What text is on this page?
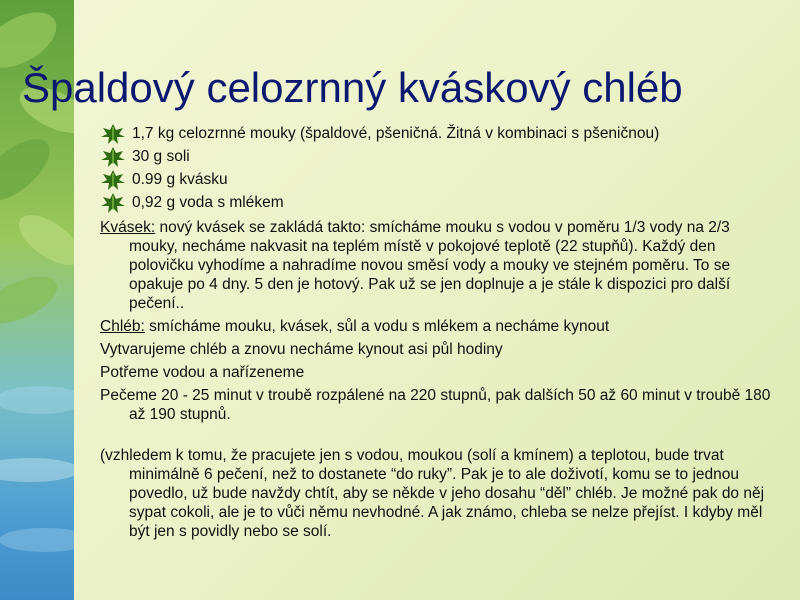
Špaldový celozrnný kváskový chléb
1,7 kg celozrnné mouky (špaldové, pšeničná. Žitná v kombinaci s pšeničnou)
30 g soli
0.99 g kvásku
0,92 g voda s mlékem
Kvásek: nový kvásek se zakládá takto: smícháme mouku s vodou v poměru 1/3 vody na 2/3 mouky, necháme nakvasit na teplém místě v pokojové teplotě (22 stupňů). Každý den polovičku vyhodíme a nahradíme novou směsí vody a mouky ve stejném poměru. To se opakuje po 4 dny. 5 den je hotový. Pak už se jen doplnuje a je stále k dispozici pro další pečení..
Chléb: smícháme mouku, kvásek, sůl a vodu s mlékem a necháme kynout
Vytvarujeme chléb a znovu necháme kynout asi půl hodiny
Potřeme vodou a nařízeneme
Pečeme 20 - 25 minut v troubě rozpálené na 220 stupnů, pak dalších 50 až 60 minut v troubě 180 až 190 stupnů.
(vzhledem k tomu, že pracujete jen s vodou, moukou (solí a kmínem) a teplotou, bude trvat minimálně 6 pečení, než to dostanete “do ruky”. Pak je to ale doživotí, komu se to jednou povedlo, už bude navždy chtít, aby se někde v jeho dosahu “děl” chléb. Je možné pak do něj sypat cokoli, ale je to vůči němu nevhodné. A jak známo, chleba se nelze přejíst. I kdyby měl být jen s povidly nebo se solí.
